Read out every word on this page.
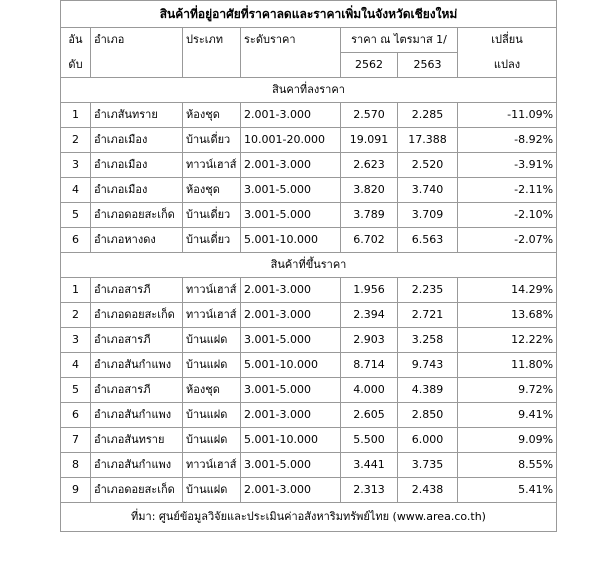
สินค้าที่อยู่อาศัยที่ราคาลดและราคาเพิ่มในจังหวัดเชียงใหม่						
อัน	อำเภอ	ประเภท	ระดับราคา	ราคา ณ ไตรมาส 1/		เปลี่ยน
ดับ				2562	2563	แปลง
สินคาที่ลงราคา						
1	อำเภสันทราย	ห้องชุด	2.001-3.000	2.570	2.285	-11.09%
2	อำเภอเมือง	บ้านเดี่ยว	10.001-20.000	19.091	17.388	-8.92%
3	อำเภอเมือง	ทาวน์เฮาส์	2.001-3.000	2.623	2.520	-3.91%
4	อำเภอเมือง	ห้องชุด	3.001-5.000	3.820	3.740	-2.11%
5	อำเภอดอยสะเก็ด	บ้านเดี่ยว	3.001-5.000	3.789	3.709	-2.10%
6	อำเภอหางดง	บ้านเดี่ยว	5.001-10.000	6.702	6.563	-2.07%
สินค้าที่ขึ้นราคา						
1	อำเภอสารภี	ทาวน์เฮาส์	2.001-3.000	1.956	2.235	14.29%
2	อำเภอดอยสะเก็ด	ทาวน์เฮาส์	2.001-3.000	2.394	2.721	13.68%
3	อำเภอสารภี	บ้านแฝด	3.001-5.000	2.903	3.258	12.22%
4	อำเภอสันกำแพง	บ้านแฝด	5.001-10.000	8.714	9.743	11.80%
5	อำเภอสารภี	ห้องชุด	3.001-5.000	4.000	4.389	9.72%
6	อำเภอสันกำแพง	บ้านแฝด	2.001-3.000	2.605	2.850	9.41%
7	อำเภอสันทราย	บ้านแฝด	5.001-10.000	5.500	6.000	9.09%
8	อำเภอสันกำแพง	ทาวน์เฮาส์	3.001-5.000	3.441	3.735	8.55%
9	อำเภอดอยสะเก็ด	บ้านแฝด	2.001-3.000	2.313	2.438	5.41%
ที่มา: ศูนย์ข้อมูลวิจัยและประเมินค่าอสังหาริมทรัพย์ไทย (www.area.co.th)						
